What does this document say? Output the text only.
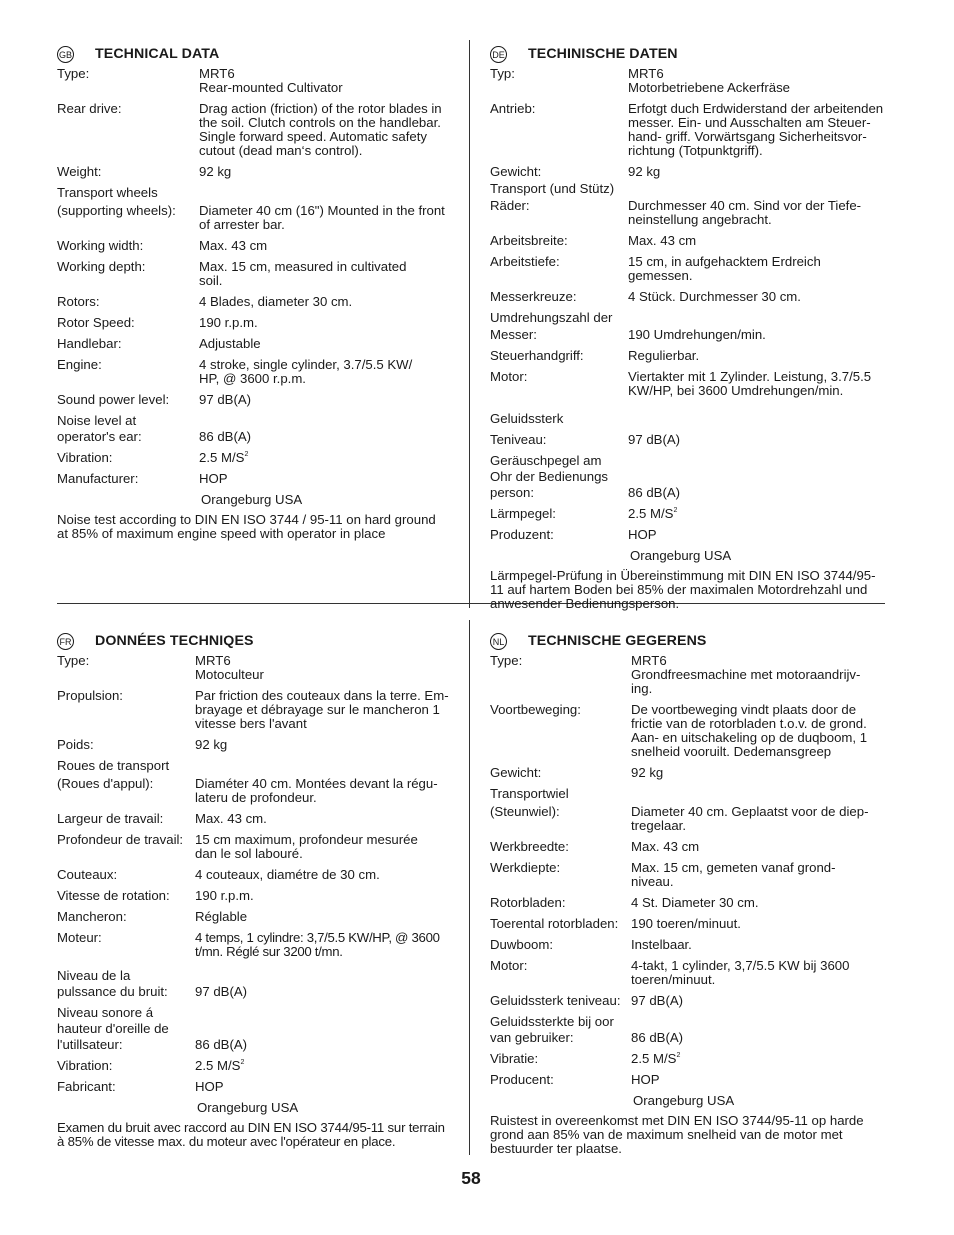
GB TECHNICAL DATA
Type:	MRT6
Rear-mounted Cultivator
Rear drive:	Drag action (friction) of the rotor blades in
the soil. Clutch controls on the handlebar.
Single forward speed. Automatic safety
cutout (dead man‘s control).
Weight:	92 kg
Transport wheels
(supporting wheels):	Diameter 40 cm (16") Mounted in the front
of arrester bar.
Working width:	Max. 43 cm
Working depth:	Max. 15 cm, measured in cultivated
soil.
Rotors:	4 Blades, diameter 30 cm.
Rotor Speed:	190 r.p.m.
Handlebar:	Adjustable
Engine:	4 stroke, single cylinder, 3.7/5.5 KW/
HP, @ 3600 r.p.m.
Sound power level:	97 dB(A)
Noise level at
operator's ear:	86 dB(A)
Vibration:	2.5 $M/S^2$
Manufacturer:	HOP
Orangeburg USA
Noise test according to DIN EN ISO 3744 / 95-11 on hard ground
at 85% of maximum engine speed with operator in place
DE TECHINISCHE DATEN
Typ:	MRT6
Motorbetriebene Ackerfräse
Antrieb:	Erfotgt duch Erdwiderstand der arbeitenden
messer. Ein- und Ausschalten am Steuer-
hand- griff. Vorwärtsgang Sicherheitsvor-
richtung (Totpunktgriff).
Gewicht:	92 kg
Transport (und Stütz)
Räder:	Durchmesser 40 cm. Sind vor der Tiefe-
neinstellung angebracht.
Arbeitsbreite:	Max. 43 cm
Arbeitstiefe:	15 cm, in aufgehacktem Erdreich
gemessen.
Messerkreuze:	4 Stück. Durchmesser 30 cm.
Umdrehungszahl der
Messer:	190 Umdrehungen/min.
Steuerhandgriff:	Regulierbar.
Motor:	Viertakter mit 1 Zylinder. Leistung, 3.7/5.5
KW/HP, bei 3600 Umdrehungen/min.
Geluidssterk
Teniveau:	97 dB(A)
Geräuschpegel am
Ohr der Bedienungs
person:	86 dB(A)
Lärmpegel:	2.5 $M/S^2$
Produzent:	HOP
Orangeburg USA
Lärmpegel-Prüfung in Übereinstimmung mit DIN EN ISO 3744/95-
11 auf hartem Boden bei 85% der maximalen Motordrehzahl und
anwesender Bedienungsperson.
FR DONNÉES TECHNIQES
Type:	MRT6
Motoculteur
Propulsion:	Par friction des couteaux dans la terre. Em-
brayage et débrayage sur le mancheron 1
vitesse bers l'avant
Poids:	92 kg
Roues de transport
(Roues d'appul):	Diaméter 40 cm. Montées devant la régu-
lateru de profondeur.
Largeur de travail:	Max. 43 cm.
Profondeur de travail: 15 cm maximum, profondeur mesurée
dan le sol labouré.
Couteaux:	4 couteaux, diamétre de 30 cm.
Vitesse de rotation:	190 r.p.m.
Mancheron:	Réglable
Moteur:	4 temps, 1 cylindre: 3,7/5.5 KW/HP, @ 3600
t/mn. Réglé sur 3200 t/mn.
Niveau de la
pulssance du bruit:	97 dB(A)
Niveau sonore á
hauteur d'oreille de
l'utillsateur:	86 dB(A)
Vibration:	2.5 $M/S^2$
Fabricant:	HOP
Orangeburg USA
Examen du bruit avec raccord au DIN EN ISO 3744/95-11 sur terrain
à 85% de vitesse max. du moteur avec l'opérateur en place.
NL TECHNISCHE GEGERENS
Type:	MRT6
Grondfreesmachine met motoraandrijv-
ing.
Voortbeweging:	De voortbeweging vindt plaats door de
frictie van de rotorbladen t.o.v. de grond.
Aan- en uitschakeling op de duqboom, 1
snelheid vooruilt. Dedemansgreep
Gewicht:	92 kg
Transportwiel
(Steunwiel):	Diameter 40 cm. Geplaatst voor de diep-
tregelaar.
Werkbreedte:	Max. 43 cm
Werkdiepte:	Max. 15 cm, gemeten vanaf grond-
niveau.
Rotorbladen:	4 St. Diameter 30 cm.
Toerental rotorbladen: 190 toeren/minuut.
Duwboom:	Instelbaar.
Motor:	4-takt, 1 cylinder, 3,7/5.5 KW bij 3600
toeren/minuut.
Geluidssterk teniveau: 97 dB(A)
Geluidssterkte bij oor
van gebruiker:	86 dB(A)
Vibratie:	2.5 $M/S^2$
Producent:	HOP
Orangeburg USA
Ruistest in overeenkomst met DIN EN ISO 3744/95-11 op harde
grond aan 85% van de maximum snelheid van de motor met
bestuurder ter plaatse.
58
